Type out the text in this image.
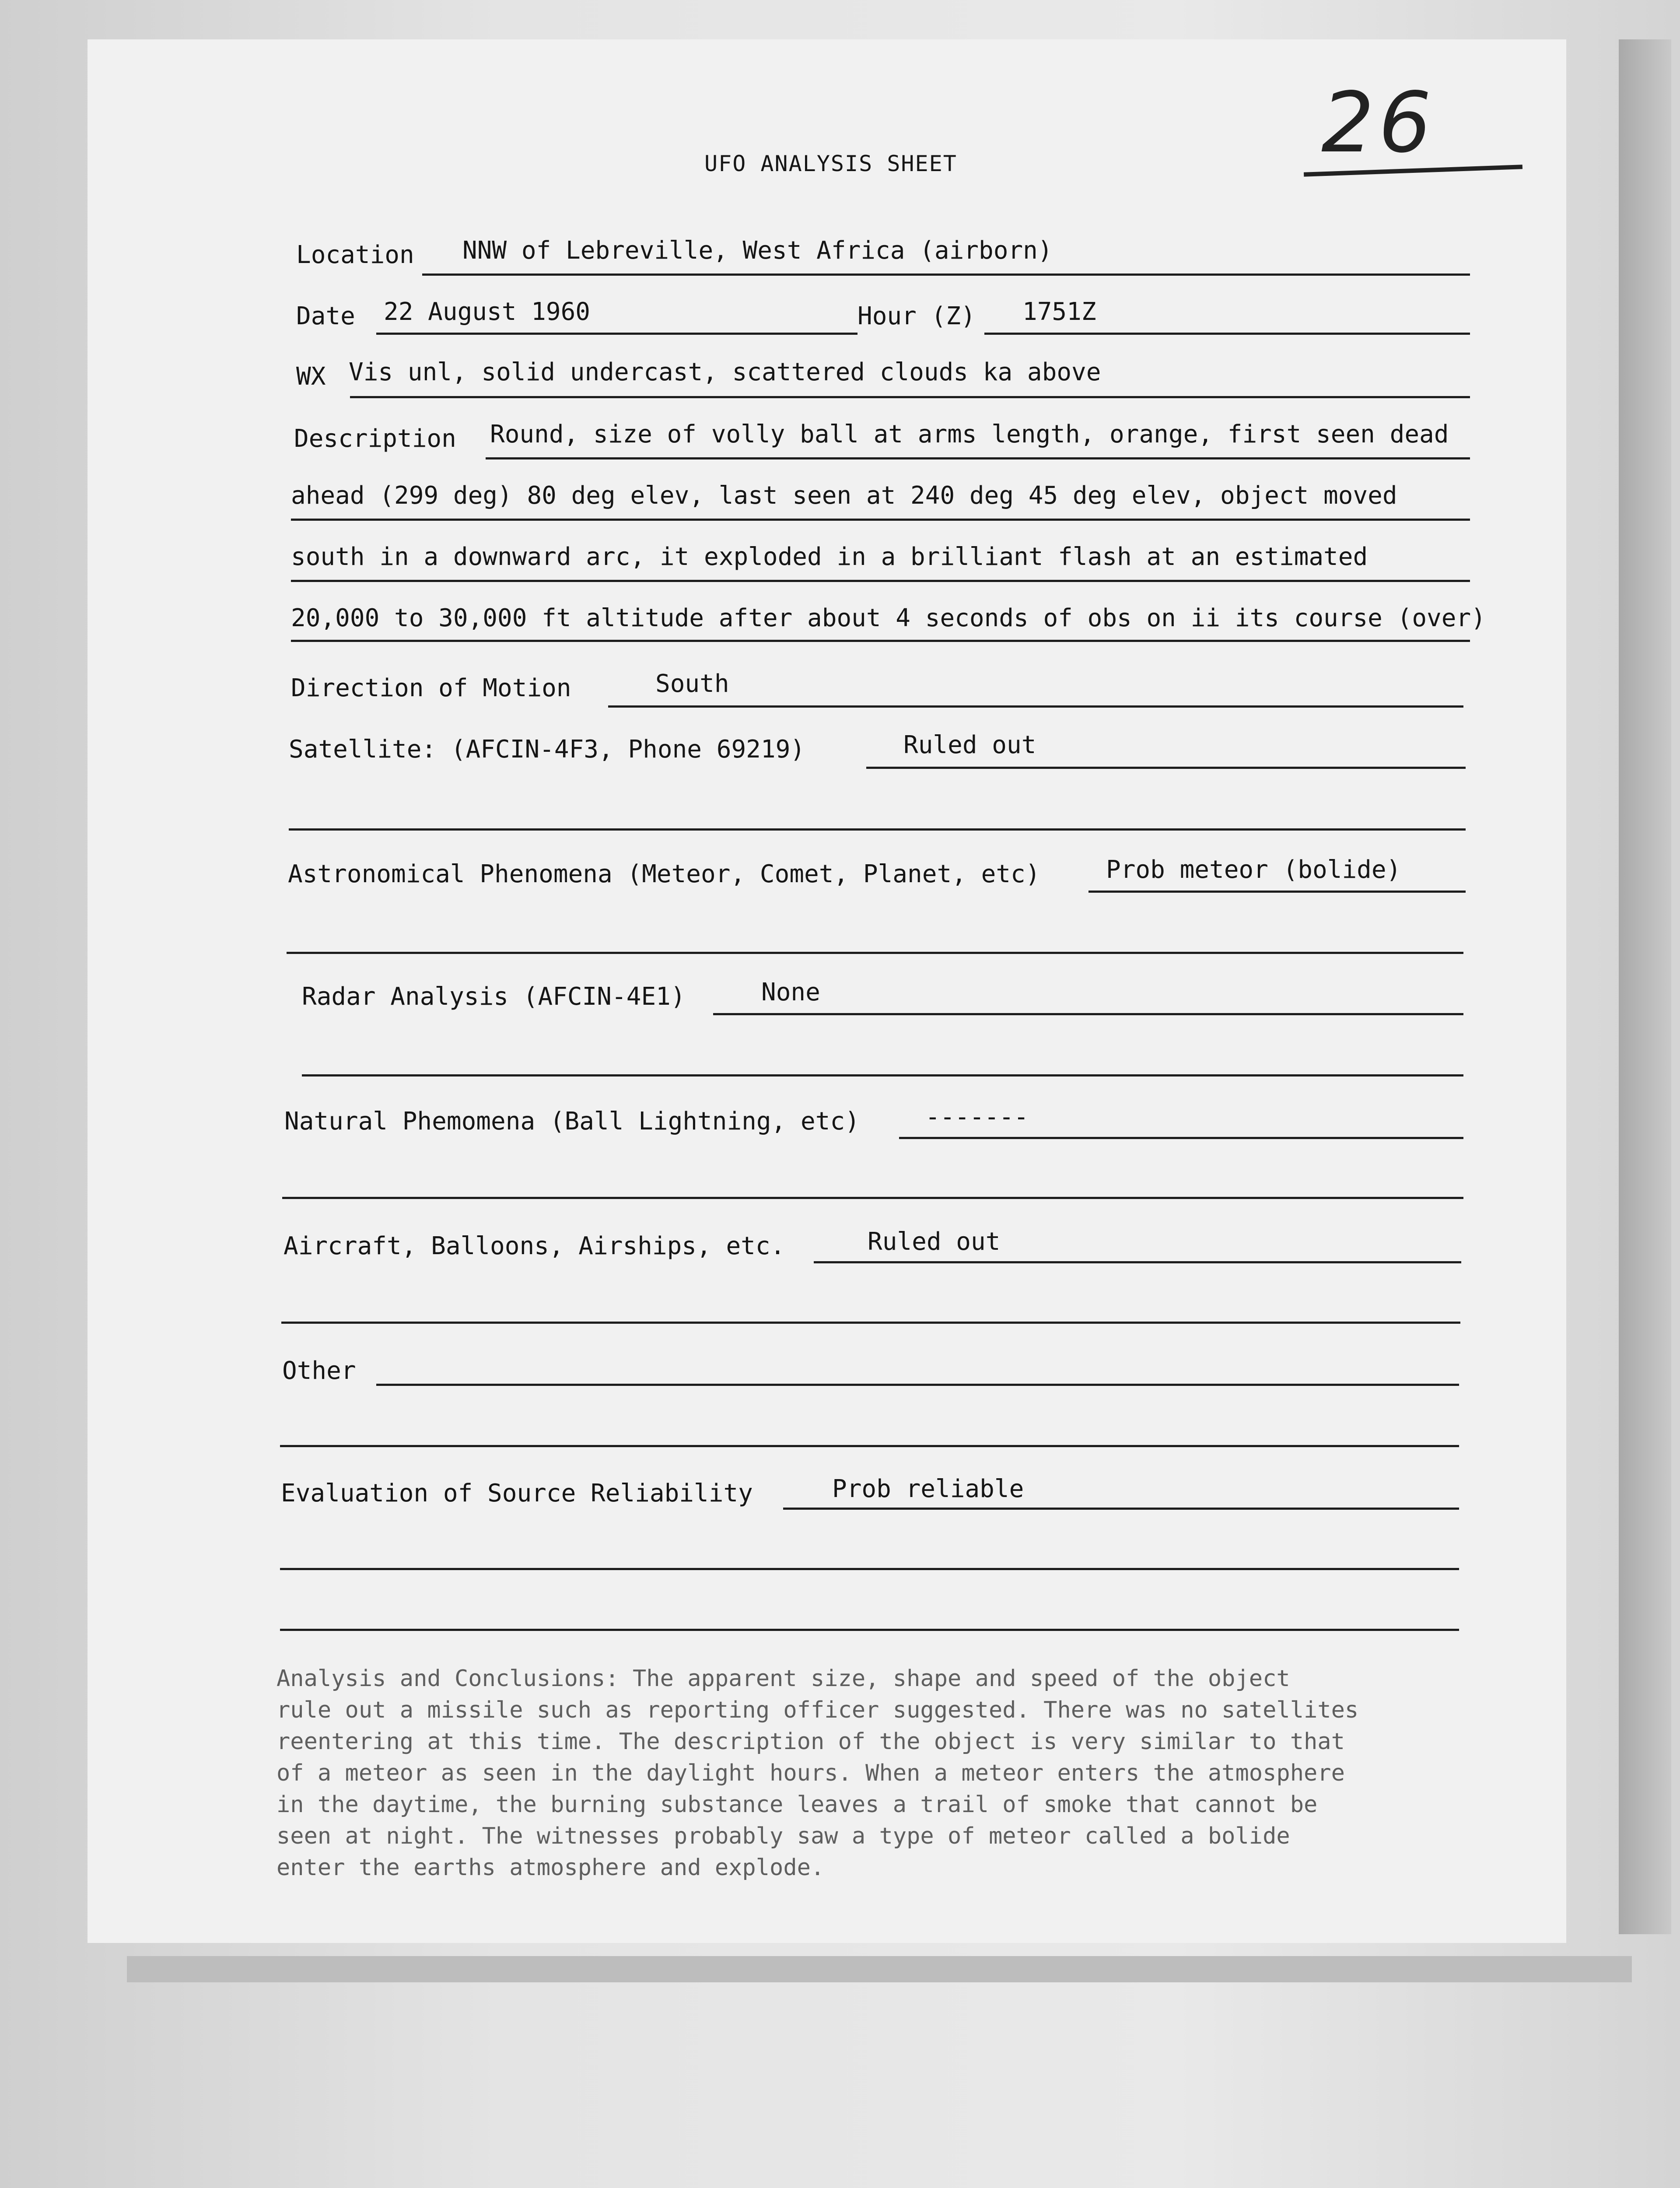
26
UFO ANALYSIS SHEET
Location NNW of Lebreville, West Africa (airborn)
Date 22 August 1960	Hour (Z) 1751Z
WX Vis unl, solid undercast, scattered clouds ka above
Description Round, size of volly ball at arms length, orange, first seen dead
ahead (299 deg) 80 deg elev, last seen at 240 deg 45 deg elev, object moved
south in a downward arc, it exploded in a brilliant flash at an estimated
20,000 to 30,000 ft altitude after about 4 seconds of obs on ii its course (over)
Direction of Motion	South
Satellite: (AFCIN-4F3, Phone 69219)	Ruled out
Astronomical Phenomena (Meteor, Comet, Planet, etc)	Prob meteor (bolide)
Radar Analysis (AFCIN-4E1)	None
Natural Phemomena (Ball Lightning, etc)	-------
Aircraft, Balloons, Airships, etc.	Ruled out
Other
Evaluation of Source Reliability	Prob reliable
Analysis and Conclusions: The apparent size, shape and speed of the object
rule out a missile such as reporting officer suggested. There was no satellites
reentering at this time. The description of the object is very similar to that
of a meteor as seen in the daylight hours. When a meteor enters the atmosphere
in the daytime, the burning substance leaves a trail of smoke that cannot be
seen at night. The witnesses probably saw a type of meteor called a bolide
enter the earths atmosphere and explode.
